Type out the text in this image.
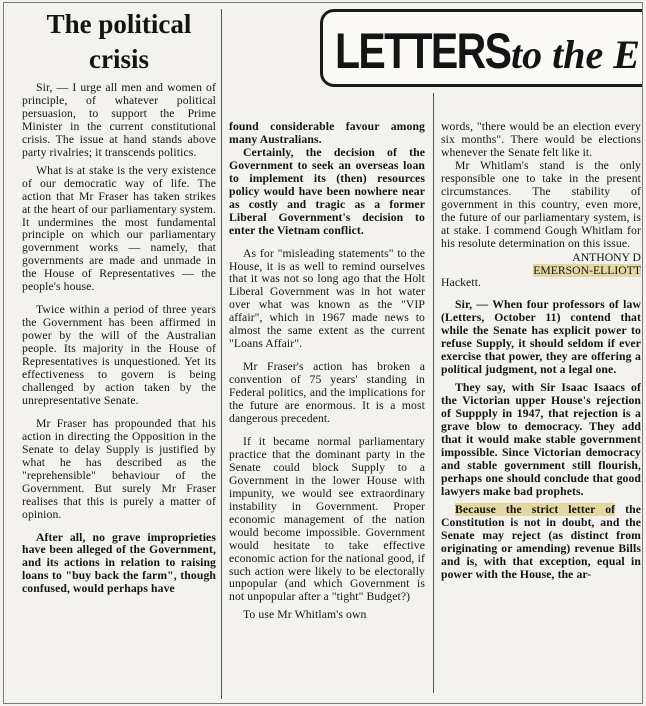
LETTERS to the E
The political
crisis

Sir, — I urge all men and women of principle, of whatever political persuasion, to support the Prime Minister in the current constitutional crisis. The issue at hand stands above party rivalries; it transcends politics.

What is at stake is the very existence of our democratic way of life. The action that Mr Fraser has taken strikes at the heart of our parliamentary system. It undermines the most fundamental principle on which our parliamentary government works — namely, that governments are made and unmade in the House of Representatives — the people's house.

Twice within a period of three years the Government has been affirmed in power by the will of the Australian people. Its majority in the House of Representatives is unquestioned. Yet its effectiveness to govern is being challenged by action taken by the unrepresentative Senate.

Mr Fraser has propounded that his action in directing the Opposition in the Senate to delay Supply is justified by what he has described as the "reprehensible" behaviour of the Government. But surely Mr Fraser realises that this is purely a matter of opinion.

After all, no grave improprieties have been alleged of the Government, and its actions in relation to raising loans to "buy back the farm", though confused, would perhaps have

found considerable favour among many Australians.

Certainly, the decision of the Government to seek an overseas loan to implement its (then) resources policy would have been nowhere near as costly and tragic as a former Liberal Government's decision to enter the Vietnam conflict.

As for "misleading statements" to the House, it is as well to remind ourselves that it was not so long ago that the Holt Liberal Government was in hot water over what was known as the "VIP affair", which in 1967 made news to almost the same extent as the current "Loans Affair".

Mr Fraser's action has broken a convention of 75 years' standing in Federal politics, and the implications for the future are enormous. It is a most dangerous precedent.

If it became normal parliamentary practice that the dominant party in the Senate could block Supply to a Government in the lower House with impunity, we would see extraordinary instability in Government. Proper economic management of the nation would become impossible. Government would hesitate to take effective economic action for the national good, if such action were likely to be electorally unpopular (and which Government is not unpopular after a "tight" Budget?)

To use Mr Whitlam's own

words, "there would be an election every six months". There would be elections whenever the Senate felt like it.

Mr Whitlam's stand is the only responsible one to take in the present circumstances. The stability of government in this country, even more, the future of our parliamentary system, is at stake. I commend Gough Whitlam for his resolute determination on this issue.

ANTHONY D
EMERSON-ELLIOTT

Hackett.

Sir, — When four professors of law (Letters, October 11) contend that while the Senate has explicit power to refuse Supply, it should seldom if ever exercise that power, they are offering a political judgment, not a legal one.

They say, with Sir Isaac Isaacs of the Victorian upper House's rejection of Suppply in 1947, that rejection is a grave blow to democracy. They add that it would make stable government impossible. Since Victorian democracy and stable government still flourish, perhaps one should conclude that good lawyers make bad prophets.

Because the strict letter of the Constitution is not in doubt, and the Senate may reject (as distinct from originating or amending) revenue Bills and is, with that exception, equal in power with the House, the ar-
